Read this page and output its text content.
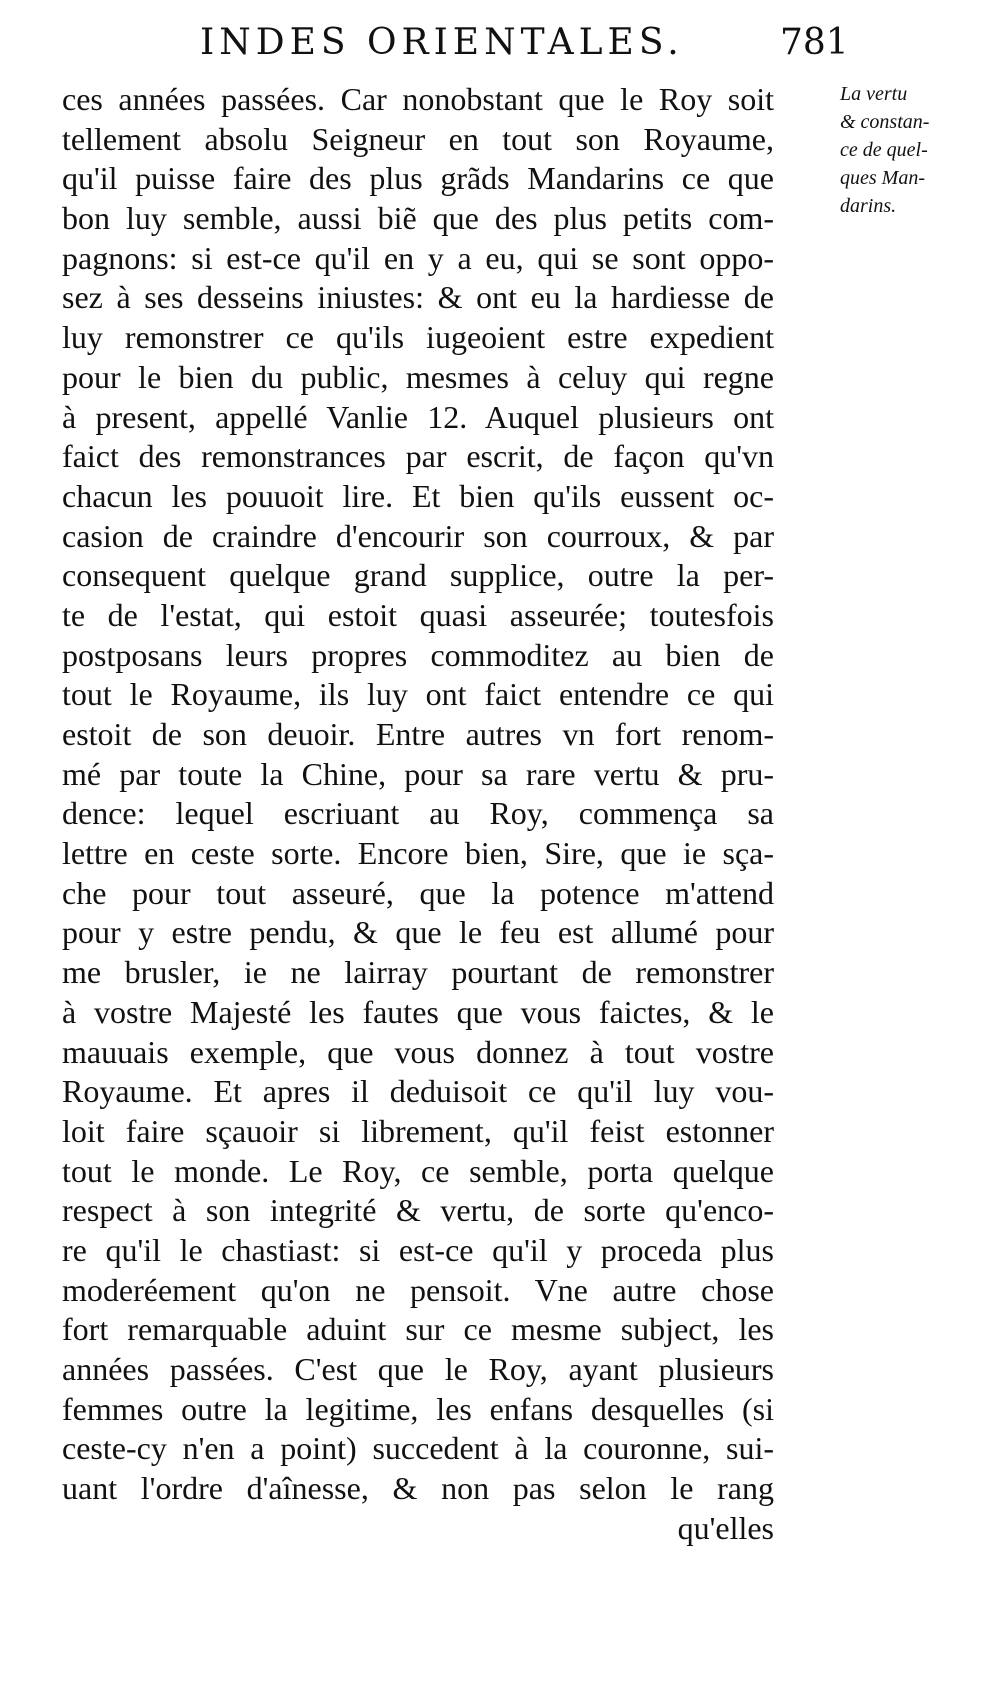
INDES ORIENTALES.	781
La vertu
& constan-
ce de quel-
ques Man-
darins.
ces années passées. Car nonobstant que le Roy soit
tellement absolu Seigneur en tout son Royaume,
qu'il puisse faire des plus grãds Mandarins ce que
bon luy semble, aussi biẽ que des plus petits com-
pagnons: si est-ce qu'il en y a eu, qui se sont oppo-
sez à ses desseins iniustes: & ont eu la hardiesse de
luy remonstrer ce qu'ils iugeoient estre expedient
pour le bien du public, mesmes à celuy qui regne
à present, appellé Vanlie 12. Auquel plusieurs ont
faict des remonstrances par escrit, de façon qu'vn
chacun les pouuoit lire. Et bien qu'ils eussent oc-
casion de craindre d'encourir son courroux, & par
consequent quelque grand supplice, outre la per-
te de l'estat, qui estoit quasi asseurée; toutesfois
postposans leurs propres commoditez au bien de
tout le Royaume, ils luy ont faict entendre ce qui
estoit de son deuoir. Entre autres vn fort renom-
mé par toute la Chine, pour sa rare vertu & pru-
dence: lequel escriuant au Roy, commença sa
lettre en ceste sorte. Encore bien, Sire, que ie sça-
che pour tout asseuré, que la potence m'attend
pour y estre pendu, & que le feu est allumé pour
me brusler, ie ne lairray pourtant de remonstrer
à vostre Majesté les fautes que vous faictes, & le
mauuais exemple, que vous donnez à tout vostre
Royaume. Et apres il deduisoit ce qu'il luy vou-
loit faire sçauoir si librement, qu'il feist estonner
tout le monde. Le Roy, ce semble, porta quelque
respect à son integrité & vertu, de sorte qu'enco-
re qu'il le chastiast: si est-ce qu'il y proceda plus
moderéement qu'on ne pensoit. Vne autre chose
fort remarquable aduint sur ce mesme subject, les
années passées. C'est que le Roy, ayant plusieurs
femmes outre la legitime, les enfans desquelles (si
ceste-cy n'en a point) succedent à la couronne, sui-
uant l'ordre d'aînesse, & non pas selon le rang
qu'elles
